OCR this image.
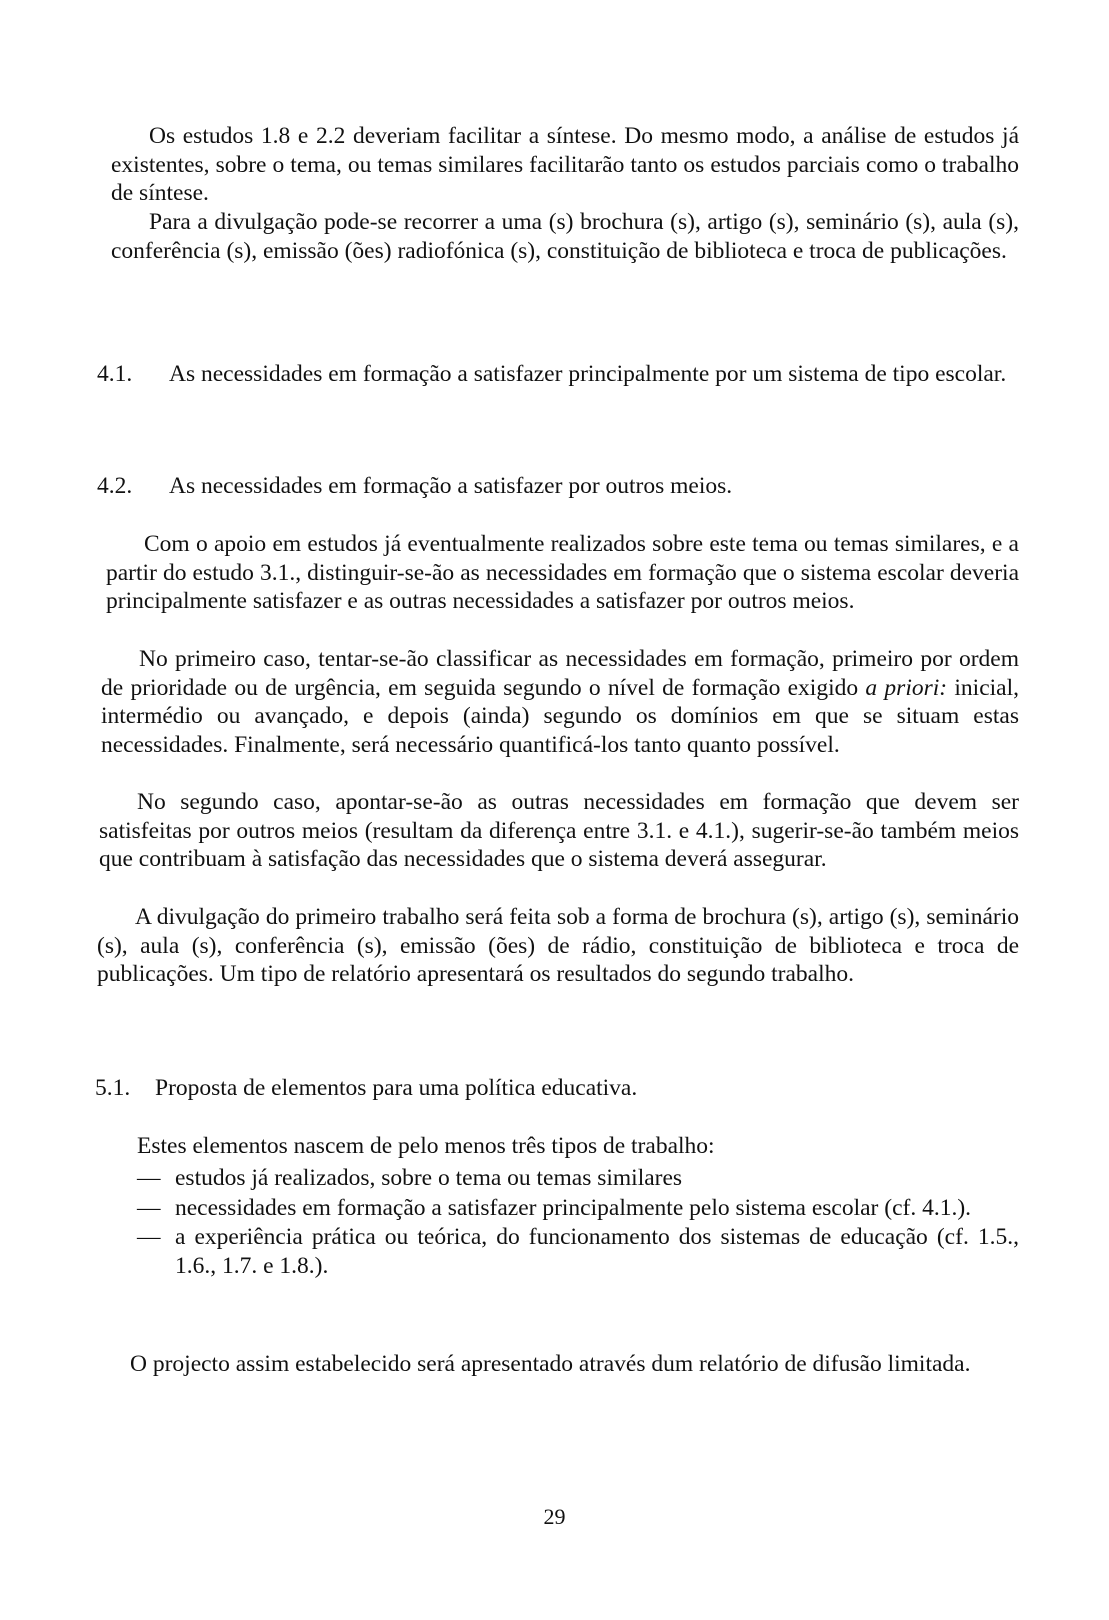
Os estudos 1.8 e 2.2 deveriam facilitar a síntese. Do mesmo modo, a análise de estudos já existentes, sobre o tema, ou temas similares facilitarão tanto os estudos parciais como o trabalho de síntese.

Para a divulgação pode-se recorrer a uma (s) brochura (s), artigo (s), seminário (s), aula (s), conferência (s), emissão (ões) radiofónica (s), constituição de biblioteca e troca de publicações.

4.1. As necessidades em formação a satisfazer principalmente por um sistema de tipo escolar.
4.2. As necessidades em formação a satisfazer por outros meios.

Com o apoio em estudos já eventualmente realizados sobre este tema ou temas similares, e a partir do estudo 3.1., distinguir-se-ão as necessidades em formação que o sistema escolar deveria principalmente satisfazer e as outras necessidades a satisfazer por outros meios.

No primeiro caso, tentar-se-ão classificar as necessidades em formação, primeiro por ordem de prioridade ou de urgência, em seguida segundo o nível de formação exigido a priori: inicial, intermédio ou avançado, e depois (ainda) segundo os domínios em que se situam estas necessidades. Finalmente, será necessário quantificá-los tanto quanto possível.

No segundo caso, apontar-se-ão as outras necessidades em formação que devem ser satisfeitas por outros meios (resultam da diferença entre 3.1. e 4.1.), sugerir-se-ão também meios que contribuam à satisfação das necessidades que o sistema deverá assegurar.

A divulgação do primeiro trabalho será feita sob a forma de brochura (s), artigo (s), seminário (s), aula (s), conferência (s), emissão (ões) de rádio, constituição de biblioteca e troca de publicações. Um tipo de relatório apresentará os resultados do segundo trabalho.

5.1. Proposta de elementos para uma política educativa.

Estes elementos nascem de pelo menos três tipos de trabalho:

— estudos já realizados, sobre o tema ou temas similares
— necessidades em formação a satisfazer principalmente pelo sistema escolar (cf. 4.1.).
— a experiência prática ou teórica, do funcionamento dos sistemas de educação (cf. 1.5., 1.6., 1.7. e 1.8.).

O projecto assim estabelecido será apresentado através dum relatório de difusão limitada.

29
